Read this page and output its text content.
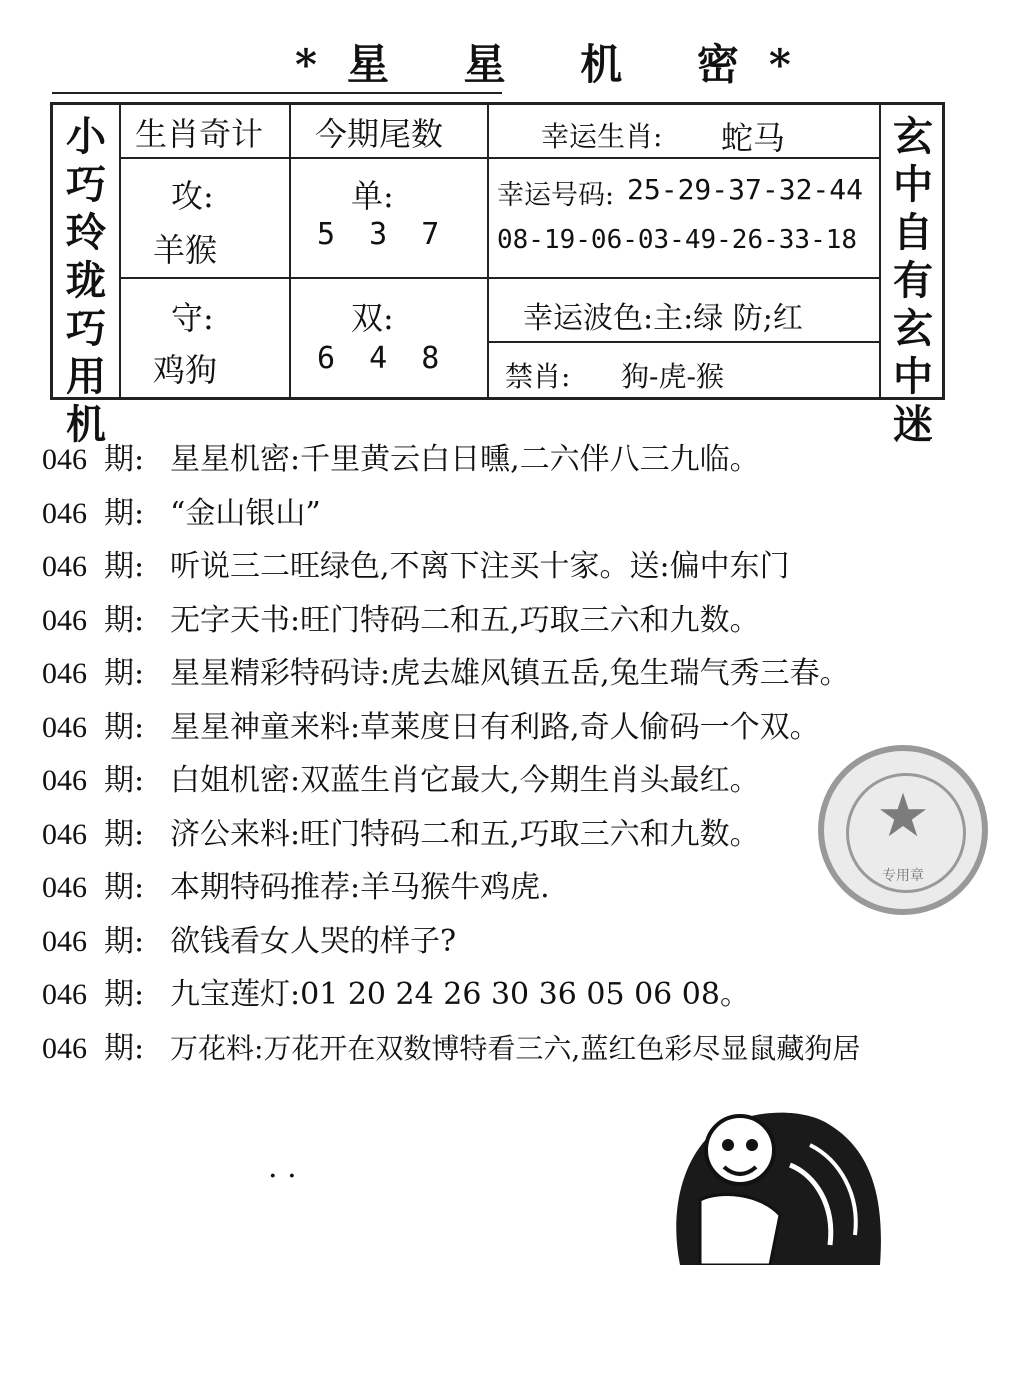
*星 星 机 密*
小巧玲珑巧用机
玄中自有玄中迷
生肖奇计 今期尾数	幸运生肖: 蛇马
攻:
羊猴
单:
5 3 7
幸运号码: 25-29-37-32-44
08-19-06-03-49-26-33-18
守:
鸡狗
双:
6 4 8
幸运波色:主:绿 防;红
禁肖: 狗-虎-猴
046 期: 星星机密:千里黄云白日曛,二六伴八三九临。
046 期: “金山银山”
046 期: 听说三二旺绿色,不离下注买十家。送:偏中东门
046 期: 无字天书:旺门特码二和五,巧取三六和九数。
046 期: 星星精彩特码诗:虎去雄风镇五岳,兔生瑞气秀三春。
046 期: 星星神童来料:草莱度日有利路,奇人偷码一个双。
046 期: 白姐机密:双蓝生肖它最大,今期生肖头最红。
046 期: 济公来料:旺门特码二和五,巧取三六和九数。
046 期: 本期特码推荐:羊马猴牛鸡虎.
046 期: 欲钱看女人哭的样子?
046 期: 九宝莲灯:01 20 24 26 30 36 05 06 08。
046 期: 万花料:万花开在双数博特看三六,蓝红色彩尽显鼠藏狗居
★
专用章
. .
